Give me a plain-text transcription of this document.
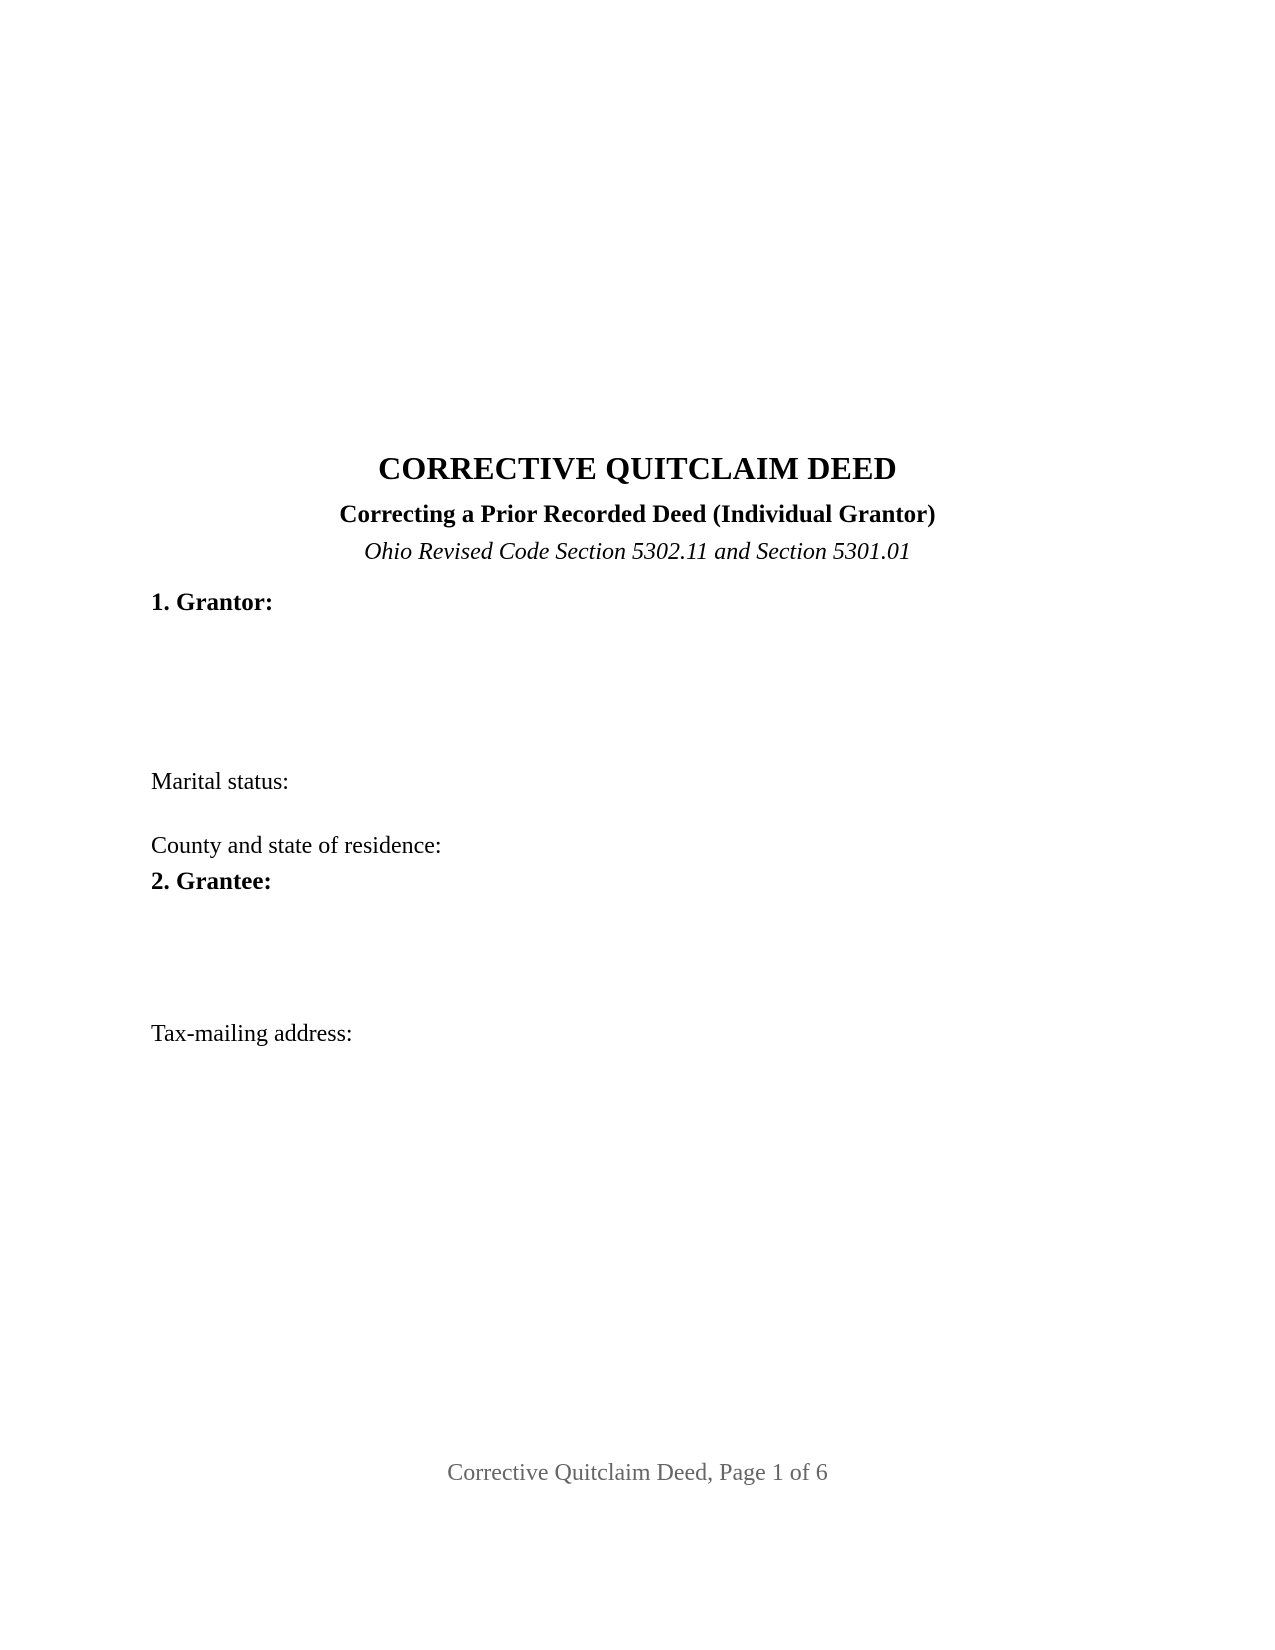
CORRECTIVE QUITCLAIM DEED
Correcting a Prior Recorded Deed (Individual Grantor)
Ohio Revised Code Section 5302.11 and Section 5301.01
1. Grantor:
Marital status:
County and state of residence:
2. Grantee:
Tax-mailing address:
Corrective Quitclaim Deed, Page 1 of 6
